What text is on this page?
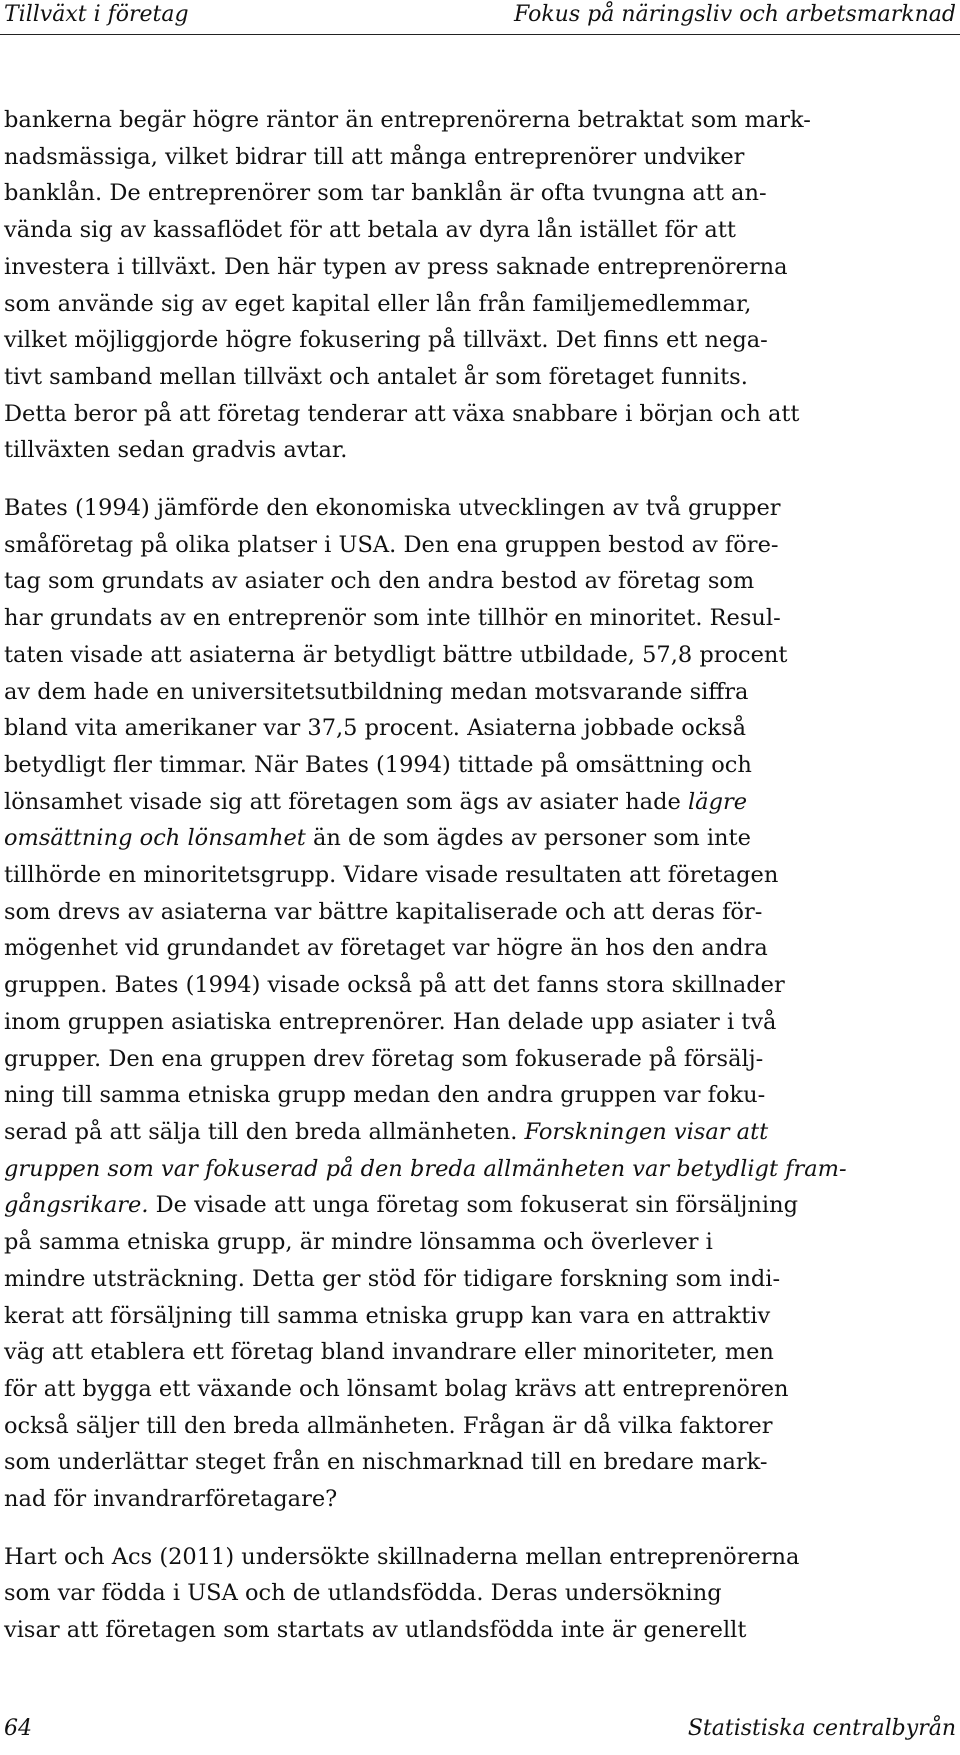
Tillväxt i företag	Fokus på näringsliv och arbetsmarknad

bankerna begär högre räntor än entreprenörerna betraktat som mark-
nadsmässiga, vilket bidrar till att många entreprenörer undviker
banklån. De entreprenörer som tar banklån är ofta tvungna att an-
vända sig av kassaflödet för att betala av dyra lån istället för att
investera i tillväxt. Den här typen av press saknade entreprenörerna
som använde sig av eget kapital eller lån från familjemedlemmar,
vilket möjliggjorde högre fokusering på tillväxt. Det finns ett nega-
tivt samband mellan tillväxt och antalet år som företaget funnits.
Detta beror på att företag tenderar att växa snabbare i början och att
tillväxten sedan gradvis avtar.

Bates (1994) jämförde den ekonomiska utvecklingen av två grupper
småföretag på olika platser i USA. Den ena gruppen bestod av före-
tag som grundats av asiater och den andra bestod av företag som
har grundats av en entreprenör som inte tillhör en minoritet. Resul-
taten visade att asiaterna är betydligt bättre utbildade, 57,8 procent
av dem hade en universitetsutbildning medan motsvarande siffra
bland vita amerikaner var 37,5 procent. Asiaterna jobbade också
betydligt fler timmar. När Bates (1994) tittade på omsättning och
lönsamhet visade sig att företagen som ägs av asiater hade lägre
omsättning och lönsamhet än de som ägdes av personer som inte
tillhörde en minoritetsgrupp. Vidare visade resultaten att företagen
som drevs av asiaterna var bättre kapitaliserade och att deras för-
mögenhet vid grundandet av företaget var högre än hos den andra
gruppen. Bates (1994) visade också på att det fanns stora skillnader
inom gruppen asiatiska entreprenörer. Han delade upp asiater i två
grupper. Den ena gruppen drev företag som fokuserade på försälj-
ning till samma etniska grupp medan den andra gruppen var foku-
serad på att sälja till den breda allmänheten. Forskningen visar att
gruppen som var fokuserad på den breda allmänheten var betydligt fram-
gångsrikare. De visade att unga företag som fokuserat sin försäljning
på samma etniska grupp, är mindre lönsamma och överlever i
mindre utsträckning. Detta ger stöd för tidigare forskning som indi-
kerat att försäljning till samma etniska grupp kan vara en attraktiv
väg att etablera ett företag bland invandrare eller minoriteter, men
för att bygga ett växande och lönsamt bolag krävs att entreprenören
också säljer till den breda allmänheten. Frågan är då vilka faktorer
som underlättar steget från en nischmarknad till en bredare mark-
nad för invandrarföretagare?

Hart och Acs (2011) undersökte skillnaderna mellan entreprenörerna
som var födda i USA och de utlandsfödda. Deras undersökning
visar att företagen som startats av utlandsfödda inte är generellt

64	Statistiska centralbyrån
